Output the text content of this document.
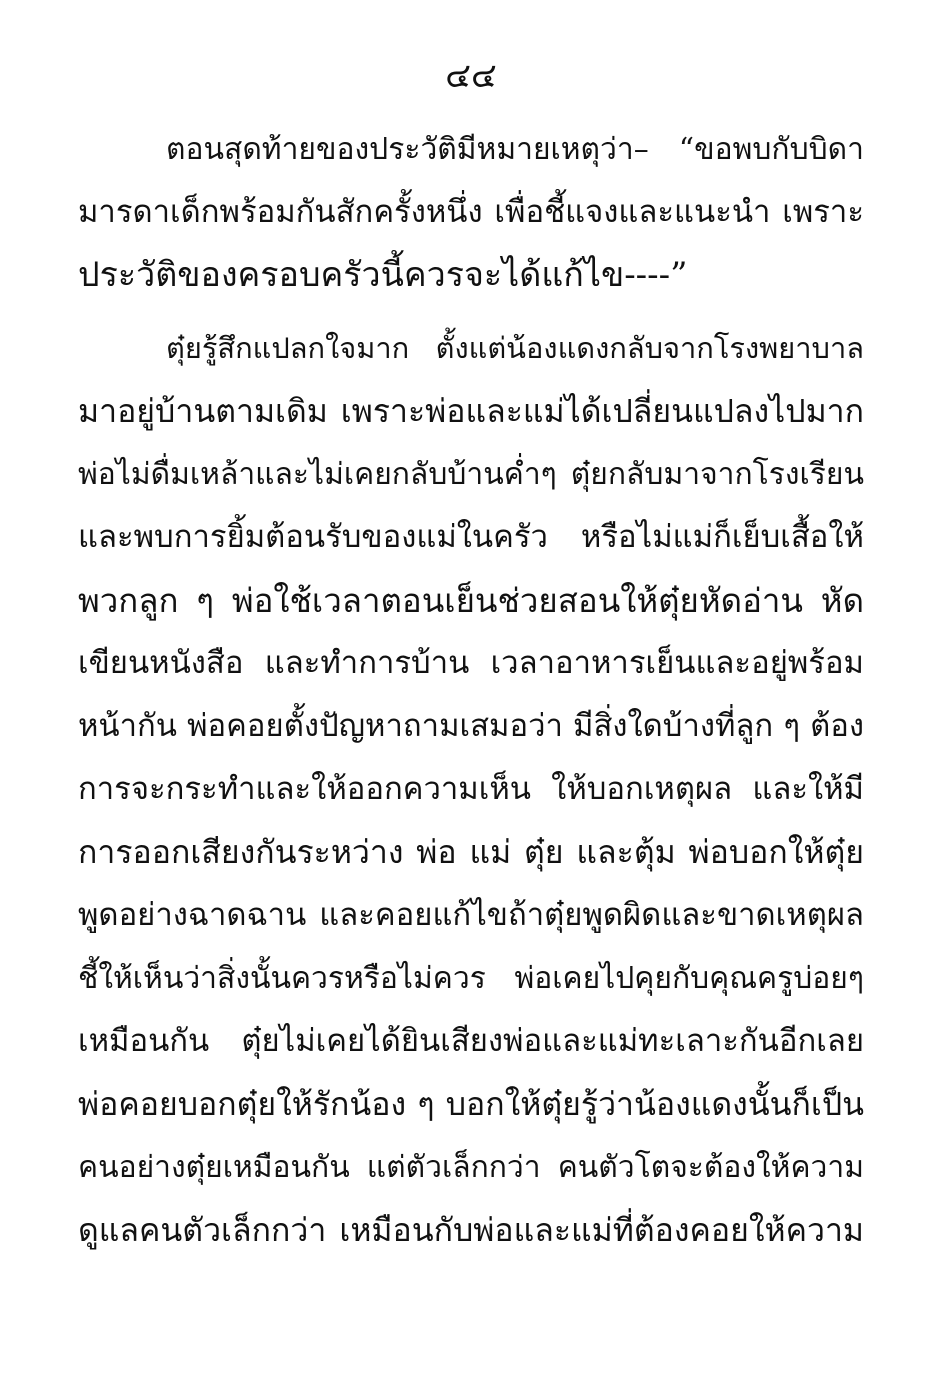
๔๔
ตอนสุดท้ายของประวัติมีหมายเหตุว่า– “ขอพบกับบิดา
มารดาเด็กพร้อมกันสักครั้งหนึ่ง เพื่อชี้แจงและแนะนำ เพราะ
ประวัติของครอบครัวนี้ควรจะได้แก้ไข----”
ตุ๋ยรู้สึกแปลกใจมาก ตั้งแต่น้องแดงกลับจากโรงพยาบาล
มาอยู่บ้านตามเดิม เพราะพ่อและแม่ได้เปลี่ยนแปลงไปมาก
พ่อไม่ดื่มเหล้าและไม่เคยกลับบ้านค่ำๆ ตุ๋ยกลับมาจากโรงเรียน
และพบการยิ้มต้อนรับของแม่ในครัว หรือไม่แม่ก็เย็บเสื้อให้
พวกลูก ๆ พ่อใช้เวลาตอนเย็นช่วยสอนให้ตุ๋ยหัดอ่าน หัด
เขียนหนังสือ และทำการบ้าน เวลาอาหารเย็นและอยู่พร้อม
หน้ากัน พ่อคอยตั้งปัญหาถามเสมอว่า มีสิ่งใดบ้างที่ลูก ๆ ต้อง
การจะกระทำและให้ออกความเห็น ให้บอกเหตุผล และให้มี
การออกเสียงกันระหว่าง พ่อ แม่ ตุ๋ย และตุ้ม พ่อบอกให้ตุ๋ย
พูดอย่างฉาดฉาน และคอยแก้ไขถ้าตุ๋ยพูดผิดและขาดเหตุผล
ชี้ให้เห็นว่าสิ่งนั้นควรหรือไม่ควร พ่อเคยไปคุยกับคุณครูบ่อยๆ
เหมือนกัน ตุ๋ยไม่เคยได้ยินเสียงพ่อและแม่ทะเลาะกันอีกเลย
พ่อคอยบอกตุ๋ยให้รักน้อง ๆ บอกให้ตุ๋ยรู้ว่าน้องแดงนั้นก็เป็น
คนอย่างตุ๋ยเหมือนกัน แต่ตัวเล็กกว่า คนตัวโตจะต้องให้ความ
ดูแลคนตัวเล็กกว่า เหมือนกับพ่อและแม่ที่ต้องคอยให้ความ
